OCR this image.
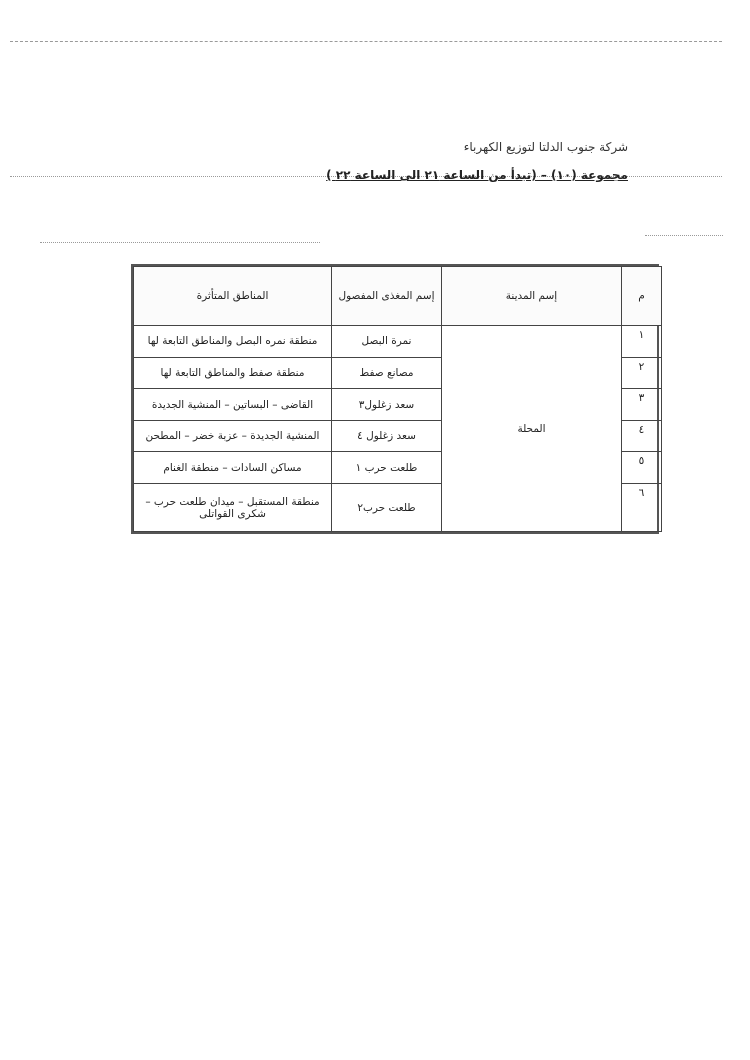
شركة جنوب الدلتا لتوزيع الكهرباء
مجموعة (١٠) – (تبدأ من الساعة ٢١ الى الساعة ٢٢ )
م	إسم المدينة	إسم المغذى المفصول	المناطق المتأثرة
١	المحلة	نمرة البصل	منطقة نمره البصل والمناطق التابعة لها
٢		مصانع صفط	منطقة صفط والمناطق التابعة لها
٣		سعد زغلول٣	القاضى – البساتين – المنشية الجديدة
٤		سعد زغلول ٤	المنشية الجديدة – عزبة خضر – المطحن
٥		طلعت حرب ١	مساكن السادات – منطقة الغنام
٦		طلعت حرب٢	منطقة المستقبل – ميدان طلعت حرب –
شكرى القواتلى
